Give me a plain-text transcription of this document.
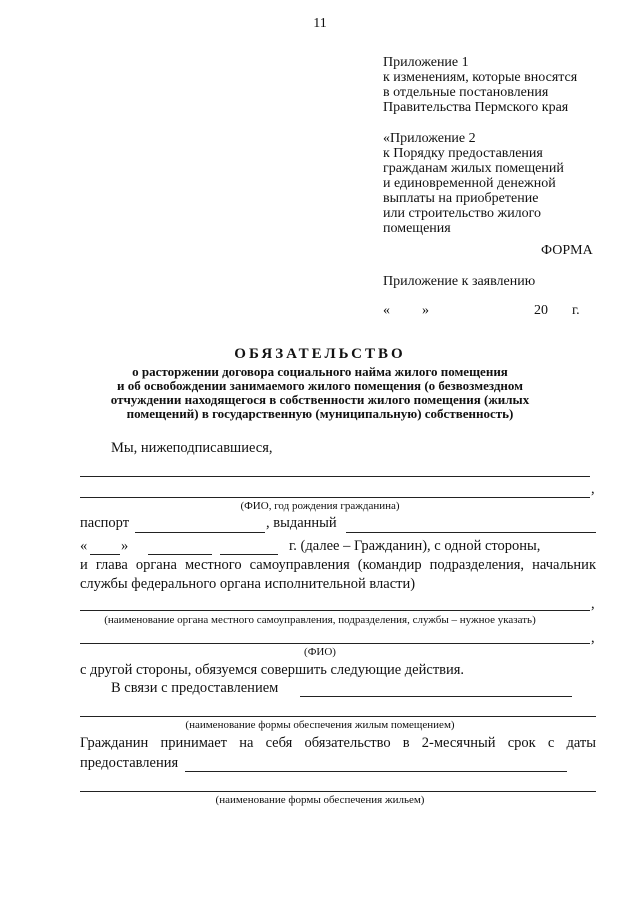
11
Приложение 1
к изменениям, которые вносятся
в отдельные постановления
Правительства Пермского края
«Приложение 2
к Порядку предоставления
гражданам жилых помещений
и единовременной денежной
выплаты на приобретение
или строительство жилого
помещения
ФОРМА
Приложение к заявлению
« »	20 г.
ОБЯЗАТЕЛЬСТВО
о расторжении договора социального найма жилого помещения
и об освобождении занимаемого жилого помещения (о безвозмездном
отчуждении находящегося в собственности жилого помещения (жилых
помещений) в государственную (муниципальную) собственность)
Мы, нижеподписавшиеся,
,
(ФИО, год рождения гражданина)
паспорт	, выданный
« »	г. (далее – Гражданин), с одной стороны,
и глава органа местного самоуправления (командир подразделения, начальник
службы федерального органа исполнительной власти)
,
(наименование органа местного самоуправления, подразделения, службы – нужное указать)
,
(ФИО)
с другой стороны, обязуемся совершить следующие действия.
В связи с предоставлением
(наименование формы обеспечения жилым помещением)
Гражданин принимает на себя обязательство в 2-месячный срок с даты
предоставления
(наименование формы обеспечения жильем)
